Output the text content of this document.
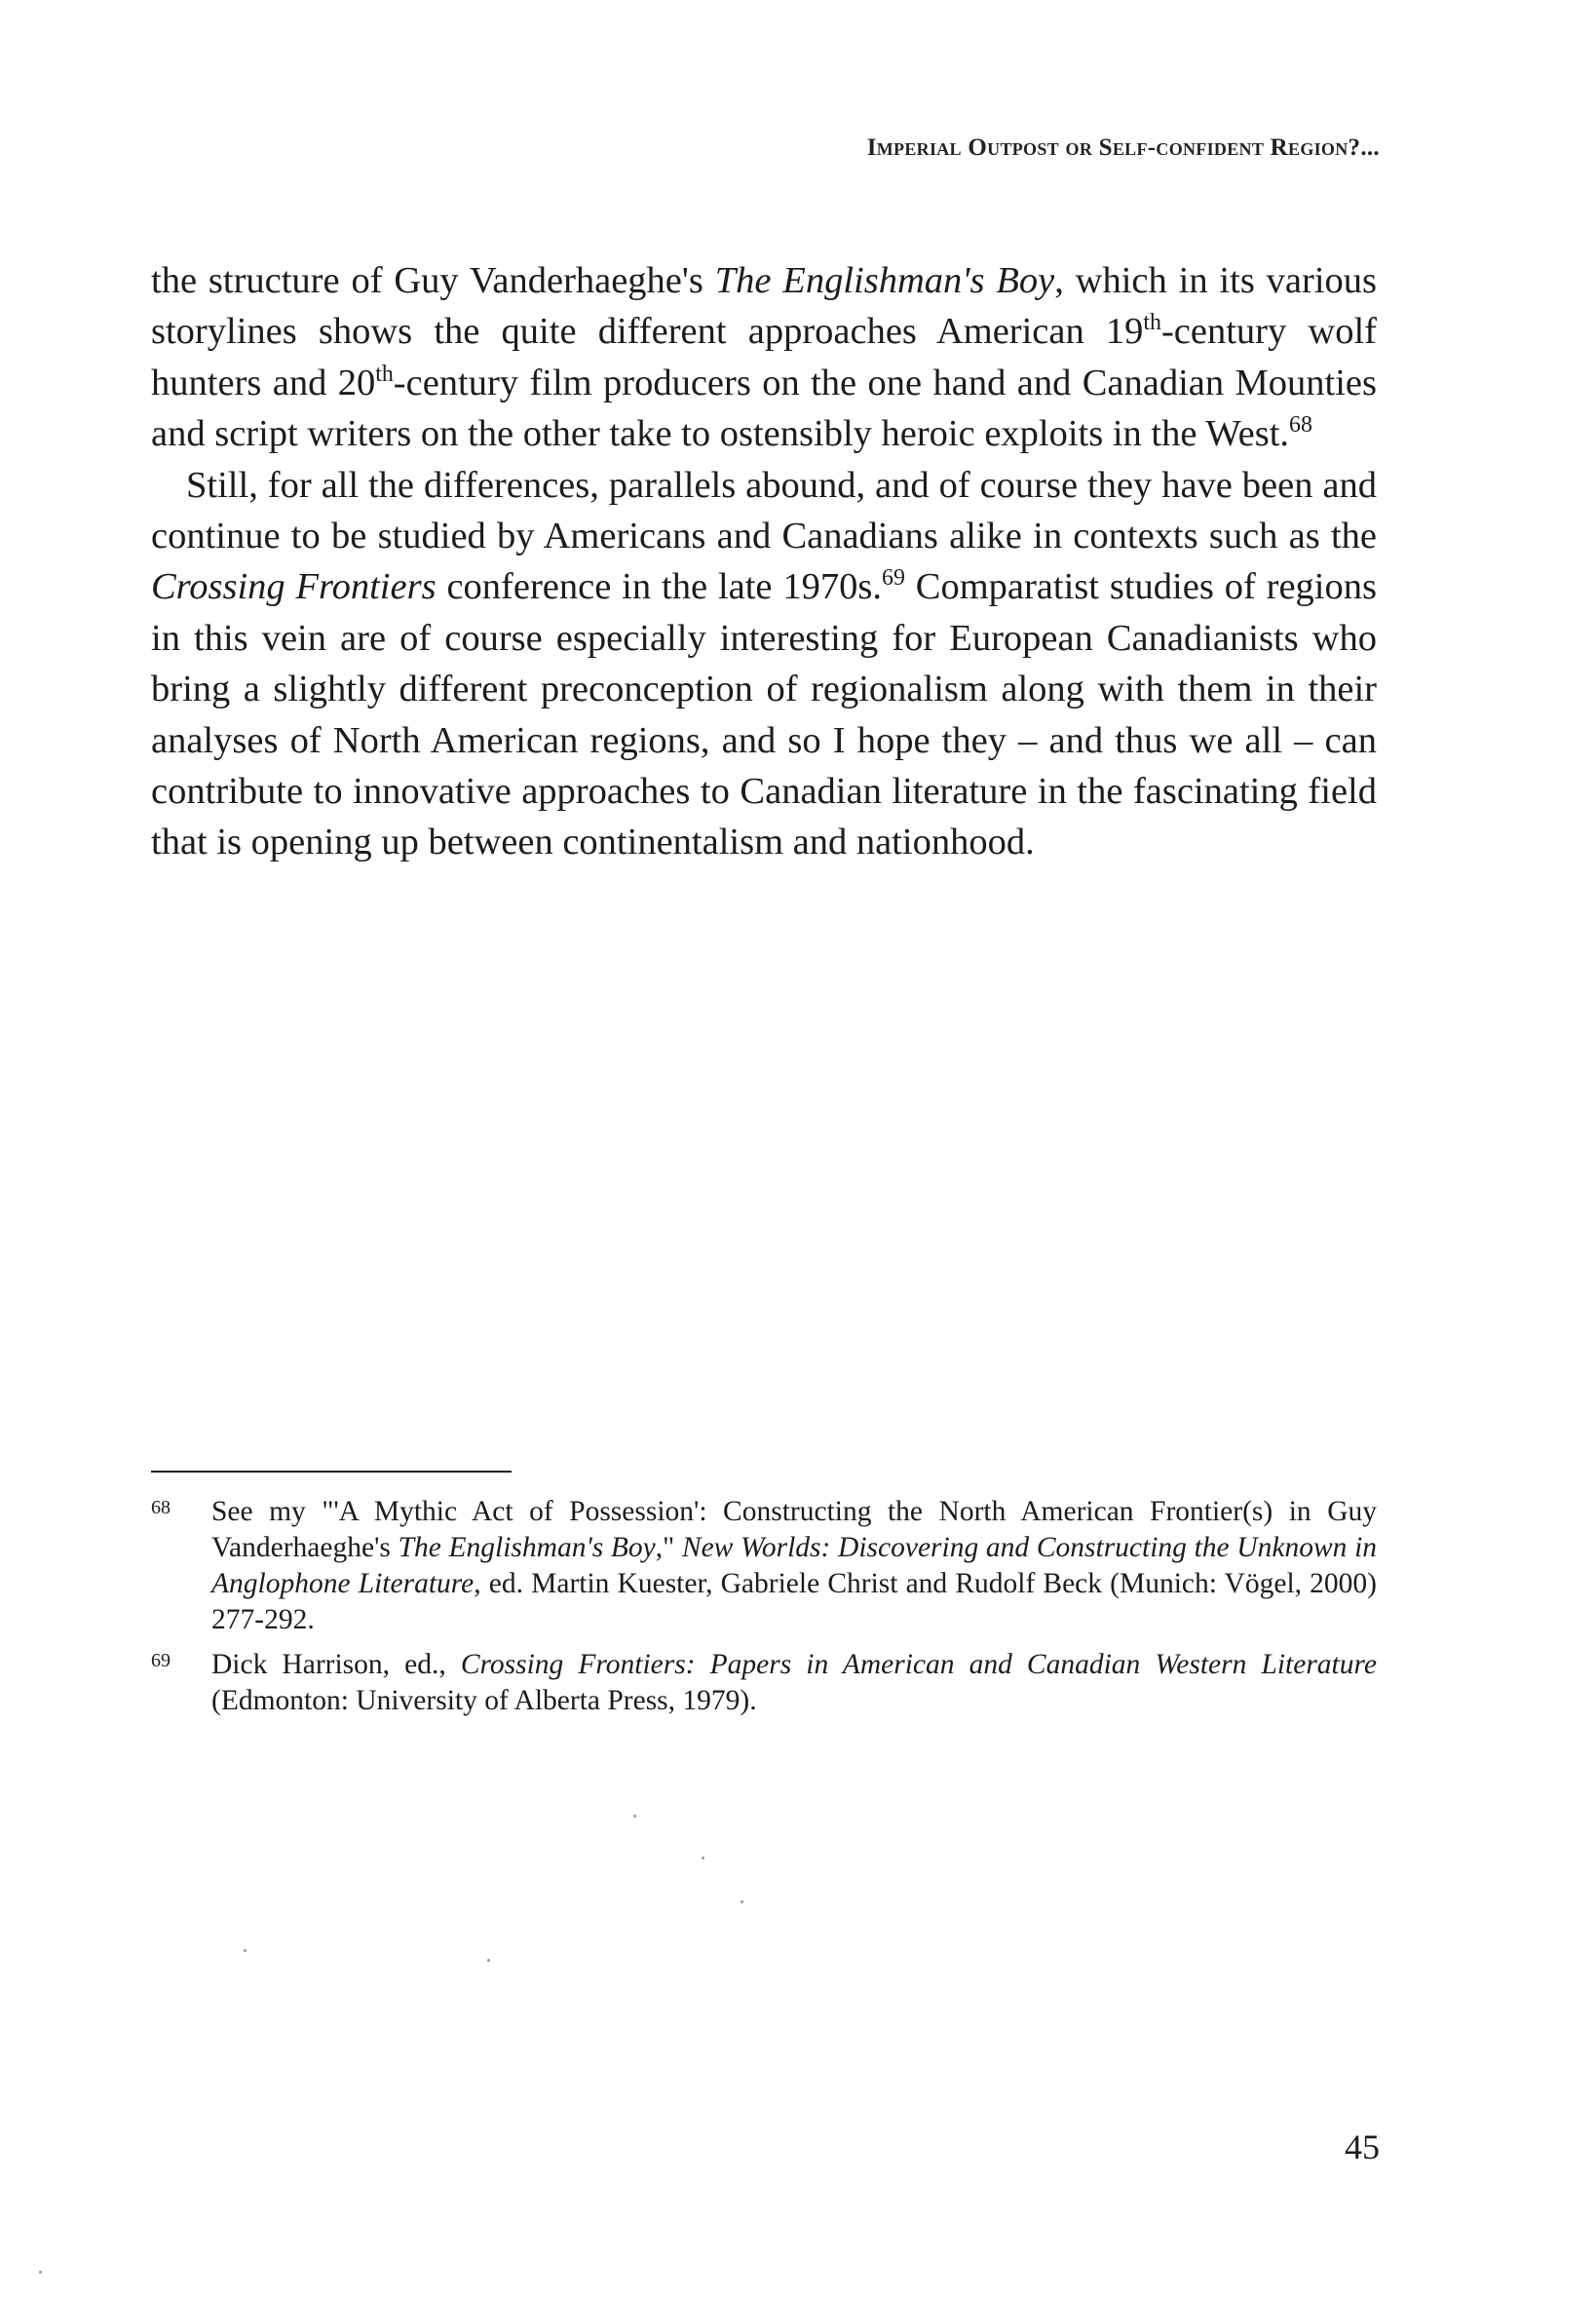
Imperial Outpost or Self-confident Region?...

the structure of Guy Vanderhaeghe's The Englishman's Boy, which in its various storylines shows the quite different approaches American 19th-century wolf hunters and 20th-century film producers on the one hand and Canadian Mounties and script writers on the other take to ostensibly heroic exploits in the West.$^{68}$

Still, for all the differences, parallels abound, and of course they have been and continue to be studied by Americans and Canadians alike in contexts such as the Crossing Frontiers conference in the late 1970s.$^{69}$ Comparatist studies of regions in this vein are of course especially interesting for European Canadianists who bring a slightly different preconception of regionalism along with them in their analyses of North American regions, and so I hope they – and thus we all – can contribute to innovative approaches to Canadian literature in the fascinating field that is opening up between continentalism and nationhood.

68 See my "'A Mythic Act of Possession': Constructing the North American Frontier(s) in Guy Vanderhaeghe's The Englishman's Boy," New Worlds: Discovering and Constructing the Unknown in Anglophone Literature, ed. Martin Kuester, Gabriele Christ and Rudolf Beck (Munich: Vögel, 2000) 277-292.
69 Dick Harrison, ed., Crossing Frontiers: Papers in American and Canadian Western Literature (Edmonton: University of Alberta Press, 1979).
45
